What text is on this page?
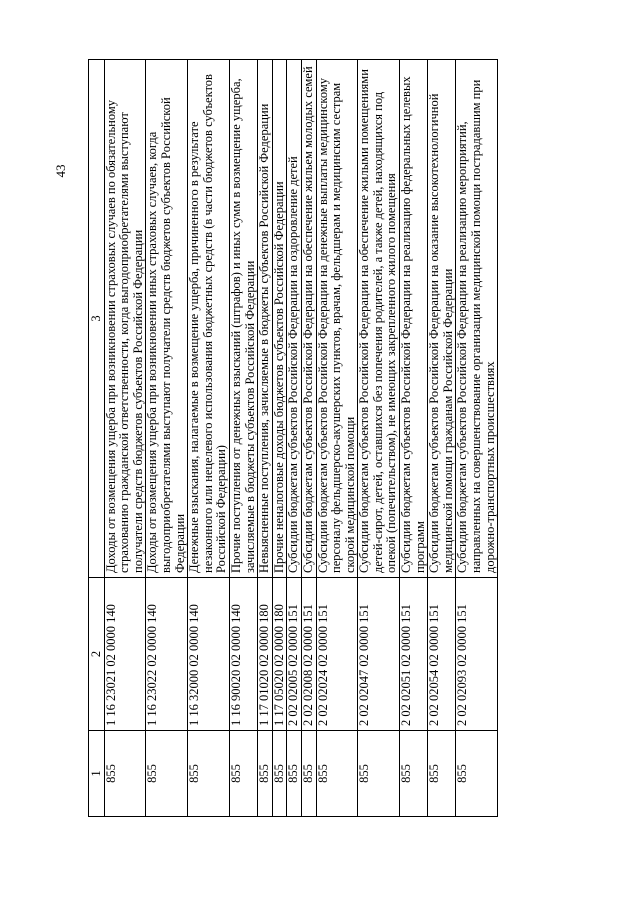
43
1	2	3
855	1 16 23021 02 0000 140	Доходы от возмещения ущерба при возникновении страховых случаев по обязательному страхованию гражданской ответственности, когда выгодоприобретателями выступают получатели средств бюджетов субъектов Российской Федерации
855	1 16 23022 02 0000 140	Доходы от возмещения ущерба при возникновении иных страховых случаев, когда выгодоприобретателями выступают получатели средств бюджетов субъектов Российской Федерации
855	1 16 32000 02 0000 140	Денежные взыскания, налагаемые в возмещение ущерба, причиненного в результате незаконного или нецелевого использования бюджетных средств (в части бюджетов субъектов Российской Федерации)
855	1 16 90020 02 0000 140	Прочие поступления от денежных взысканий (штрафов) и иных сумм в возмещение ущерба, зачисляемые в бюджеты субъектов Российской Федерации
855	1 17 01020 02 0000 180	Невыясненные поступления, зачисляемые в бюджеты субъектов Российской Федерации
855	1 17 05020 02 0000 180	Прочие неналоговые доходы бюджетов субъектов Российской Федерации
855	2 02 02005 02 0000 151	Субсидии бюджетам субъектов Российской Федерации на оздоровление детей
855	2 02 02008 02 0000 151	Субсидии бюджетам субъектов Российской Федерации на обеспечение жильем молодых семей
855	2 02 02024 02 0000 151	Субсидии бюджетам субъектов Российской Федерации на денежные выплаты медицинскому персоналу фельдшерско-акушерских пунктов, врачам, фельдшерам и медицинским сестрам скорой медицинской помощи
855	2 02 02047 02 0000 151	Субсидии бюджетам субъектов Российской Федерации на обеспечение жилыми помещениями детей-сирот, детей, оставшихся без попечения родителей, а также детей, находящихся под опекой (попечительством), не имеющих закрепленного жилого помещения
855	2 02 02051 02 0000 151	Субсидии бюджетам субъектов Российской Федерации на реализацию федеральных целевых программ
855	2 02 02054 02 0000 151	Субсидии бюджетам субъектов Российской Федерации на оказание высокотехнологичной медицинской помощи гражданам Российской Федерации
855	2 02 02093 02 0000 151	Субсидии бюджетам субъектов Российской Федерации на реализацию мероприятий, направленных на совершенствование организации медицинской помощи пострадавшим при дорожно-транспортных происшествиях
